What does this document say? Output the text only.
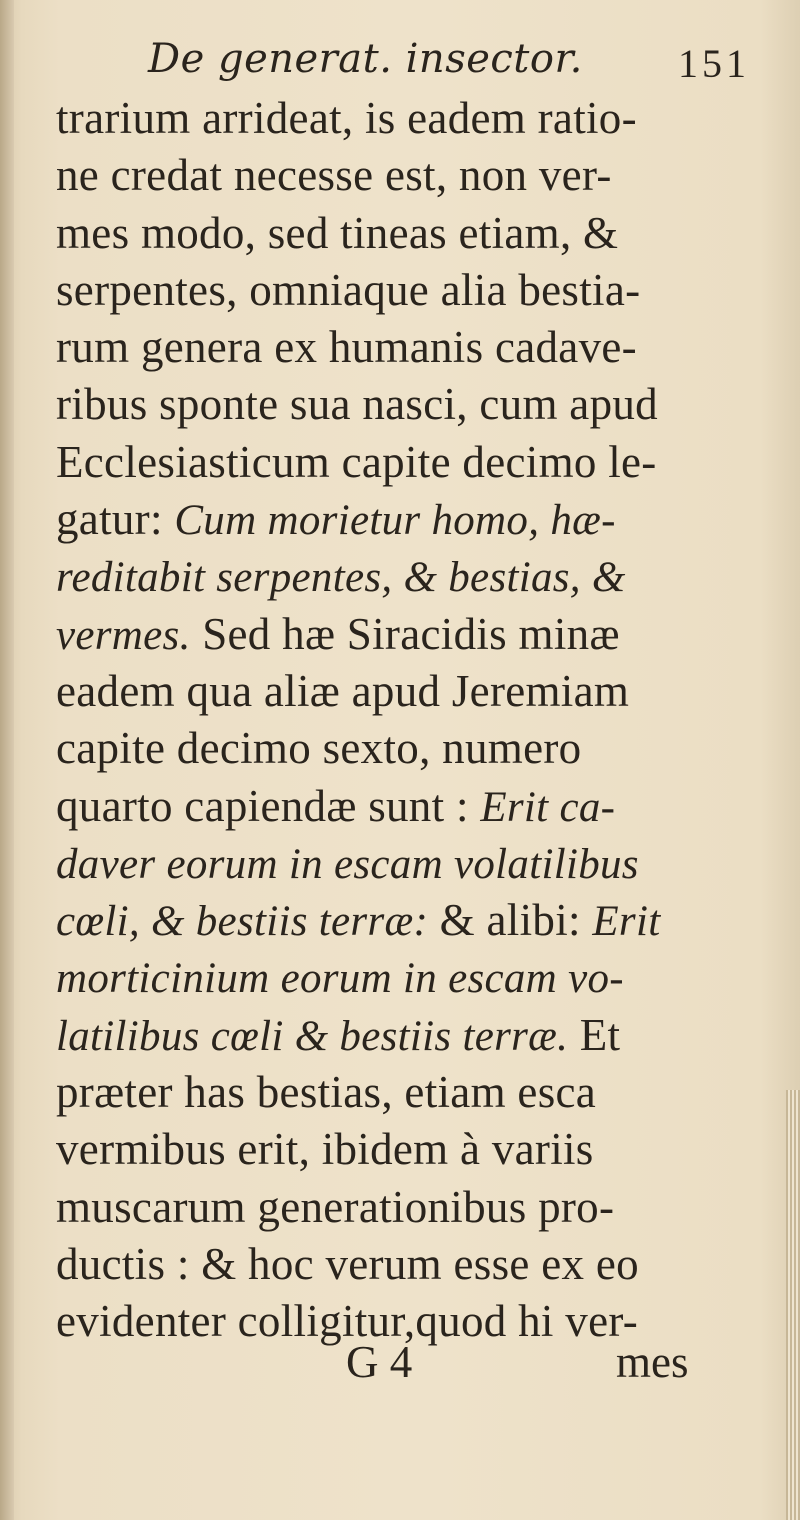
De generat. insector. 151
trarium arrideat, is eadem ratio-
ne credat necesse est, non ver-
mes modo, sed tineas etiam, &
serpentes, omniaque alia bestia-
rum genera ex humanis cadave-
ribus sponte sua nasci, cum apud
Ecclesiasticum capite decimo le-
gatur: Cum morietur homo, hæ-
reditabit serpentes, & bestias, &
vermes. Sed hæ Siracidis minæ
eadem qua aliæ apud Jeremiam
capite decimo sexto, numero
quarto capiendæ sunt : Erit ca-
daver eorum in escam volatilibus
cœli, & bestiis terræ: & alibi: Erit
morticinium eorum in escam vo-
latilibus cœli & bestiis terræ. Et
præter has bestias, etiam esca
vermibus erit, ibidem à variis
muscarum generationibus pro-
ductis : & hoc verum esse ex eo
evidenter colligitur,quod hi ver-
G 4	mes
